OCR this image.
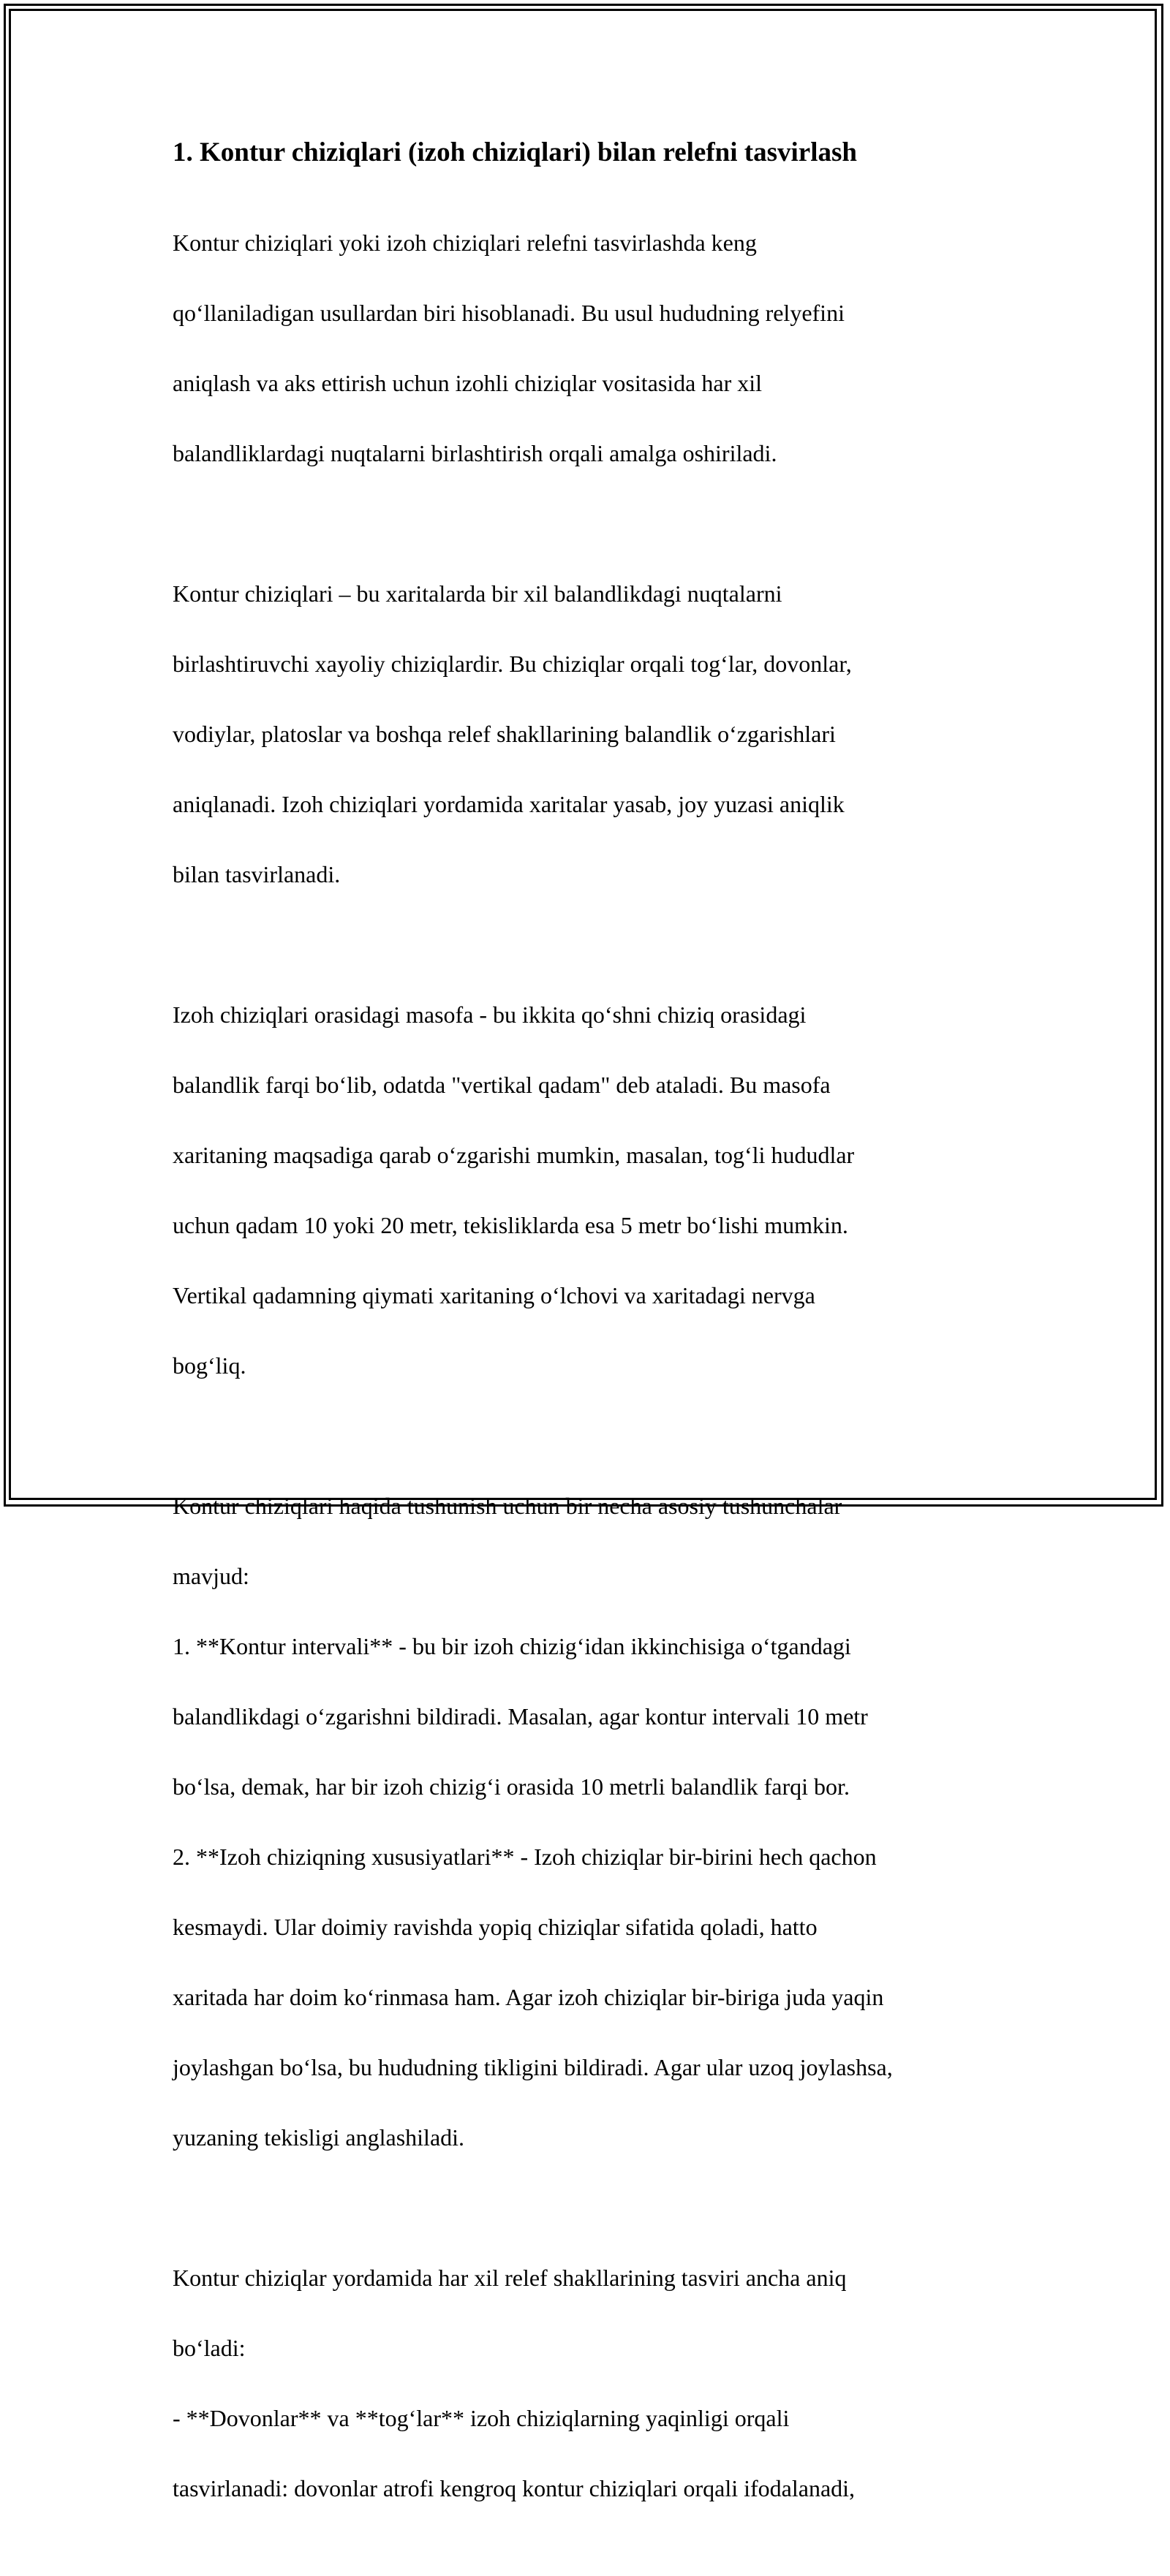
1. Kontur chiziqlari (izoh chiziqlari) bilan relefni tasvirlash

Kontur chiziqlari yoki izoh chiziqlari relefni tasvirlashda keng

qo‘llaniladigan usullardan biri hisoblanadi. Bu usul hududning relyefini

aniqlash va aks ettirish uchun izohli chiziqlar vositasida har xil

balandliklardagi nuqtalarni birlashtirish orqali amalga oshiriladi.

Kontur chiziqlari – bu xaritalarda bir xil balandlikdagi nuqtalarni

birlashtiruvchi xayoliy chiziqlardir. Bu chiziqlar orqali tog‘lar, dovonlar,

vodiylar, platoslar va boshqa relef shakllarining balandlik o‘zgarishlari

aniqlanadi. Izoh chiziqlari yordamida xaritalar yasab, joy yuzasi aniqlik

bilan tasvirlanadi.

Izoh chiziqlari orasidagi masofa - bu ikkita qo‘shni chiziq orasidagi

balandlik farqi bo‘lib, odatda "vertikal qadam" deb ataladi. Bu masofa

xaritaning maqsadiga qarab o‘zgarishi mumkin, masalan, tog‘li hududlar

uchun qadam 10 yoki 20 metr, tekisliklarda esa 5 metr bo‘lishi mumkin.

Vertikal qadamning qiymati xaritaning o‘lchovi va xaritadagi nervga

bog‘liq.

Kontur chiziqlari haqida tushunish uchun bir necha asosiy tushunchalar

mavjud:

1. **Kontur intervali** - bu bir izoh chizig‘idan ikkinchisiga o‘tgandagi

balandlikdagi o‘zgarishni bildiradi. Masalan, agar kontur intervali 10 metr

bo‘lsa, demak, har bir izoh chizig‘i orasida 10 metrli balandlik farqi bor.

2. **Izoh chiziqning xususiyatlari** - Izoh chiziqlar bir-birini hech qachon

kesmaydi. Ular doimiy ravishda yopiq chiziqlar sifatida qoladi, hatto

xaritada har doim ko‘rinmasa ham. Agar izoh chiziqlar bir-biriga juda yaqin

joylashgan bo‘lsa, bu hududning tikligini bildiradi. Agar ular uzoq joylashsa,

yuzaning tekisligi anglashiladi.

Kontur chiziqlar yordamida har xil relef shakllarining tasviri ancha aniq

bo‘ladi:

- **Dovonlar** va **tog‘lar** izoh chiziqlarning yaqinligi orqali

tasvirlanadi: dovonlar atrofi kengroq kontur chiziqlari orqali ifodalanadi,
